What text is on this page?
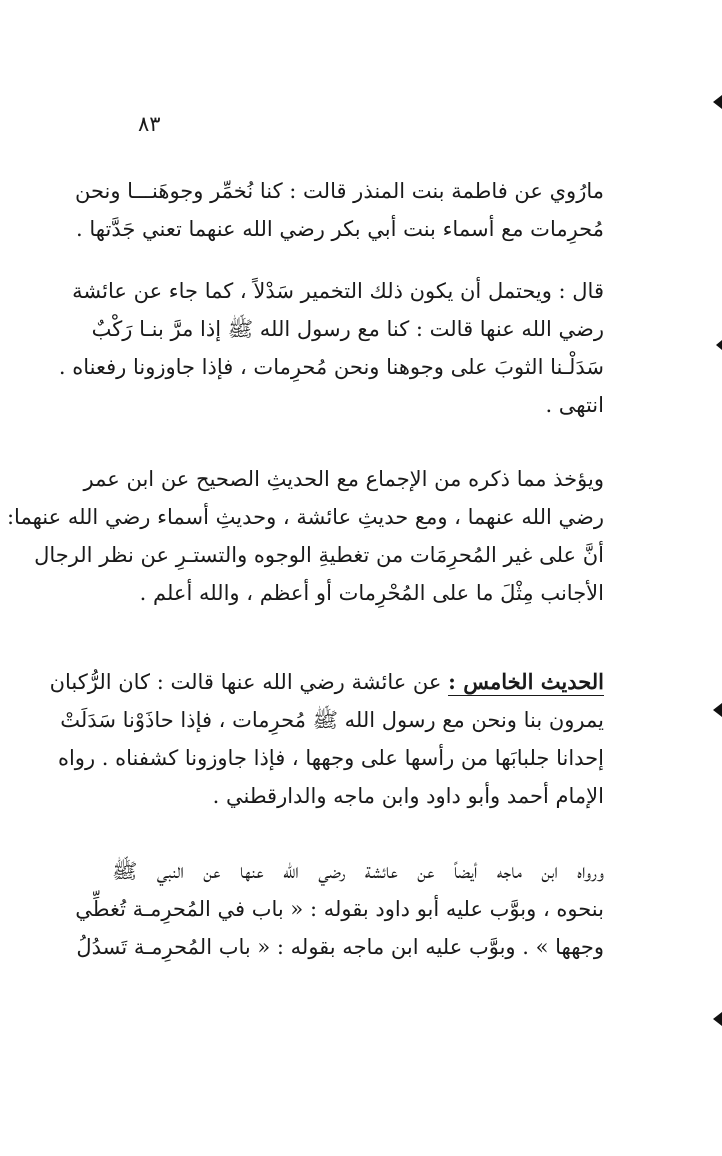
٨٣
مارُوي عن فاطمة بنت المنذر قالت : كنا نُخمِّر وجوهَنـــا ونحن
مُحرِمات مع أسماء بنت أبي بكر رضي الله عنهما تعني جَدَّتها .
قال : ويحتمل أن يكون ذلك التخمير سَدْلاً ، كما جاء عن عائشة
رضي الله عنها قالت : كنا مع رسول الله ﷺ إذا مرَّ بنـا رَكْبٌ
سَدَلْـنا الثوبَ على وجوهنا ونحن مُحرِمات ، فإذا جاوزونا رفعناه .
انتهى .
ويؤخذ مما ذكره من الإجماع مع الحديثِ الصحيح عن ابن عمر
رضي الله عنهما ، ومع حديثِ عائشة ، وحديثِ أسماء رضي الله عنهما:
أنَّ على غير المُحرِمَات من تغطيةِ الوجوه والتستـرِ عن نظر الرجال
الأجانب مِثْلَ ما على المُحْرِمات أو أعظم ، والله أعلم .
الحديث الخامس : عن عائشة رضي الله عنها قالت : كان الرُّكبان
يمرون بنا ونحن مع رسول الله ﷺ مُحرِمات ، فإذا حاذَوْنا سَدَلَتْ
إحدانا جلبابَها من رأسها على وجهها ، فإذا جاوزونا كشفناه . رواه
الإمام أحمد وأبو داود وابن ماجه والدارقطني .
ورواه ابن ماجه أيضاً عن عائشة رضي الله عنها عن النبي ﷺ
بنحوه ، وبوَّب عليه أبو داود بقوله : « باب في المُحرِمـة تُغطِّي
وجهها » . وبوَّب عليه ابن ماجه بقوله : « باب المُحرِمـة تَسدُلُ
